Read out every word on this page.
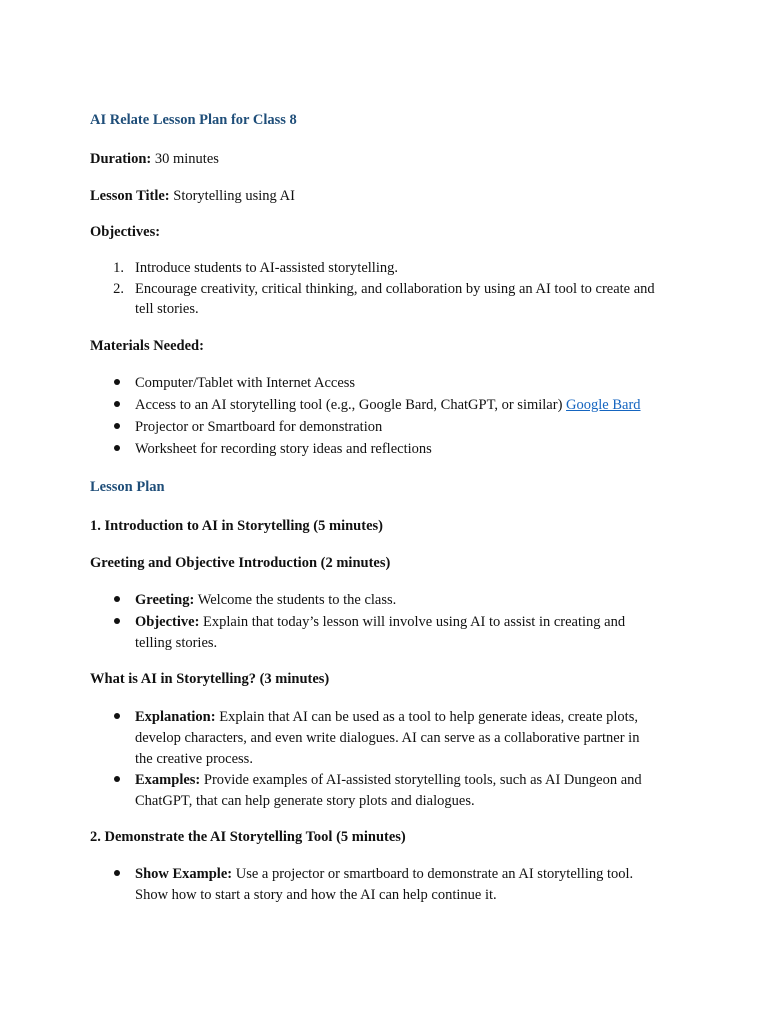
AI Relate Lesson Plan for Class 8
Duration: 30 minutes
Lesson Title: Storytelling using AI
Objectives:
1. Introduce students to AI-assisted storytelling.
2. Encourage creativity, critical thinking, and collaboration by using an AI tool to create and
tell stories.
Materials Needed:
Computer/Tablet with Internet Access
Access to an AI storytelling tool (e.g., Google Bard, ChatGPT, or similar) Google Bard
Projector or Smartboard for demonstration
Worksheet for recording story ideas and reflections
Lesson Plan
1. Introduction to AI in Storytelling (5 minutes)
Greeting and Objective Introduction (2 minutes)
Greeting: Welcome the students to the class.
Objective: Explain that today’s lesson will involve using AI to assist in creating and
telling stories.
What is AI in Storytelling? (3 minutes)
Explanation: Explain that AI can be used as a tool to help generate ideas, create plots,
develop characters, and even write dialogues. AI can serve as a collaborative partner in
the creative process.
Examples: Provide examples of AI-assisted storytelling tools, such as AI Dungeon and
ChatGPT, that can help generate story plots and dialogues.
2. Demonstrate the AI Storytelling Tool (5 minutes)
Show Example: Use a projector or smartboard to demonstrate an AI storytelling tool.
Show how to start a story and how the AI can help continue it.
